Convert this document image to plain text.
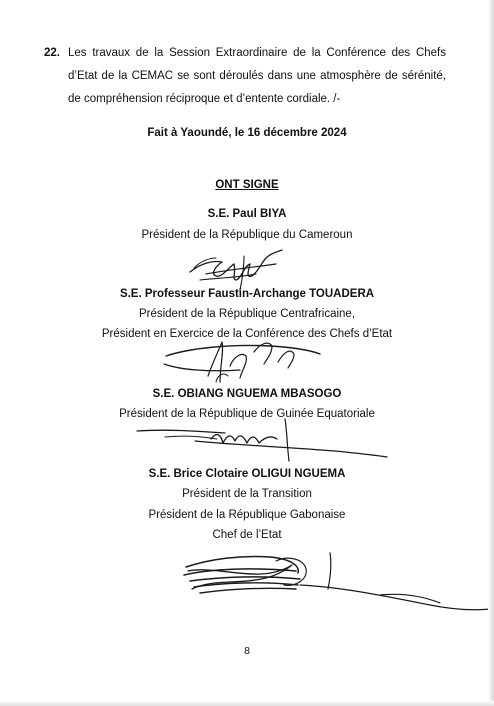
22. Les travaux de la Session Extraordinaire de la Conférence des Chefs d’Etat de la CEMAC se sont déroulés dans une atmosphère de sérénité, de compréhension réciproque et d’entente cordiale. /-
Fait à Yaoundé, le 16 décembre 2024
ONT SIGNE
S.E. Paul BIYA
Président de la République du Cameroun
S.E. Professeur Faustin-Archange TOUADERA
Président de la République Centrafricaine,
Président en Exercice de la Conférence des Chefs d’Etat
S.E. OBIANG NGUEMA MBASOGO
Président de la République de Guinée Equatoriale
S.E. Brice Clotaire OLIGUI NGUEMA
Président de la Transition
Président de la République Gabonaise
Chef de l’Etat
8
